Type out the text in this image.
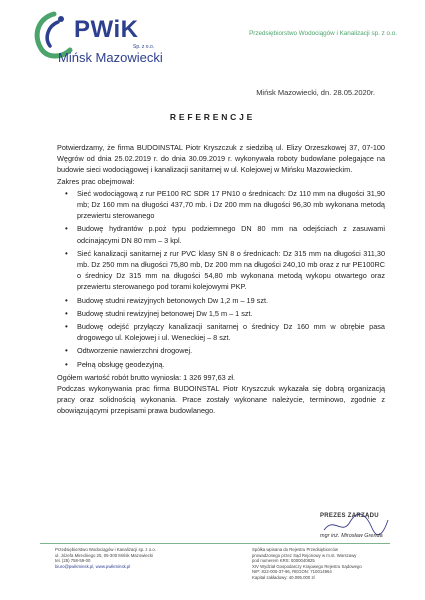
PWiK
Sp. z o.o.
Mińsk Mazowiecki
Przedsiębiorstwo Wodociągów i Kanalizacji sp. z o.o.
Mińsk Mazowiecki, dn. 28.05.2020r.
REFERENCJE

Potwierdzamy, że firma BUDOINSTAL Piotr Kryszczuk z siedzibą ul. Elizy Orzeszkowej 37, 07-100 Węgrów od dnia 25.02.2019 r. do dnia 30.09.2019 r. wykonywała roboty budowlane polegające na budowie sieci wodociągowej i kanalizacji sanitarnej w ul. Kolejowej w Mińsku Mazowieckim.

Zakres prac obejmował:

• Sieć wodociągową z rur PE100 RC SDR 17 PN10 o średnicach: Dz 110 mm na długości 31,90 mb; Dz 160 mm na długości 437,70 mb. i Dz 200 mm na długości 96,30 mb wykonana metodą przewiertu sterowanego
• Budowę hydrantów p.poż typu podziemnego DN 80 mm na odejściach z zasuwami odcinającymi DN 80 mm – 3 kpl.
• Sieć kanalizacji sanitarnej z rur PVC klasy SN 8 o średnicach: Dz 315 mm na długości 311,30 mb. Dz 250 mm na długości 75,80 mb, Dz 200 mm na długości 240,10 mb oraz z rur PE100RC o średnicy Dz 315 mm na długości 54,80 mb wykonana metodą wykopu otwartego oraz przewiertu sterowanego pod torami kolejowymi PKP.
• Budowę studni rewizyjnych betonowych Dw 1,2 m – 19 szt.
• Budowę studni rewizyjnej betonowej Dw 1,5 m – 1 szt.
• Budowę odejść przyłączy kanalizacji sanitarnej o średnicy Dz 160 mm w obrębie pasa drogowego ul. Kolejowej i ul. Weneckiej – 8 szt.
• Odtworzenie nawierzchni drogowej.
• Pełną obsługę geodezyjną.

Ogółem wartość robót brutto wyniosła: 1 326 997,63 zł.

Podczas wykonywania prac firma BUDOINSTAL Piotr Kryszczuk wykazała się dobrą organizacją pracy oraz solidnością wykonania. Prace zostały wykonane należycie, terminowo, zgodnie z obowiązującymi przepisami prawa budowlanego.

PREZES ZARZĄDU
mgr inż. Mirosław Grenda
Przedsiębiorstwo Wodociągów i Kanalizacji sp. z o.o.
ul. Józefa Mireckiego 25, 05-300 Mińsk Mazowiecki
tel. (25) 758-59-00
biuro@pwikminsk.pl, www.pwikminsk.pl
Spółka wpisana do Rejestru Przedsiębiorców
prowadzonego przez Sąd Rejonowy w m.st. Warszawy
pod numerem KRS: 0000040825
XIV Wydział Gospodarczy Krajowego Rejestru Sądowego
NIP: 822-000-37-96, REGON: 710014964
Kapitał zakładowy: 40.095.000 zł
